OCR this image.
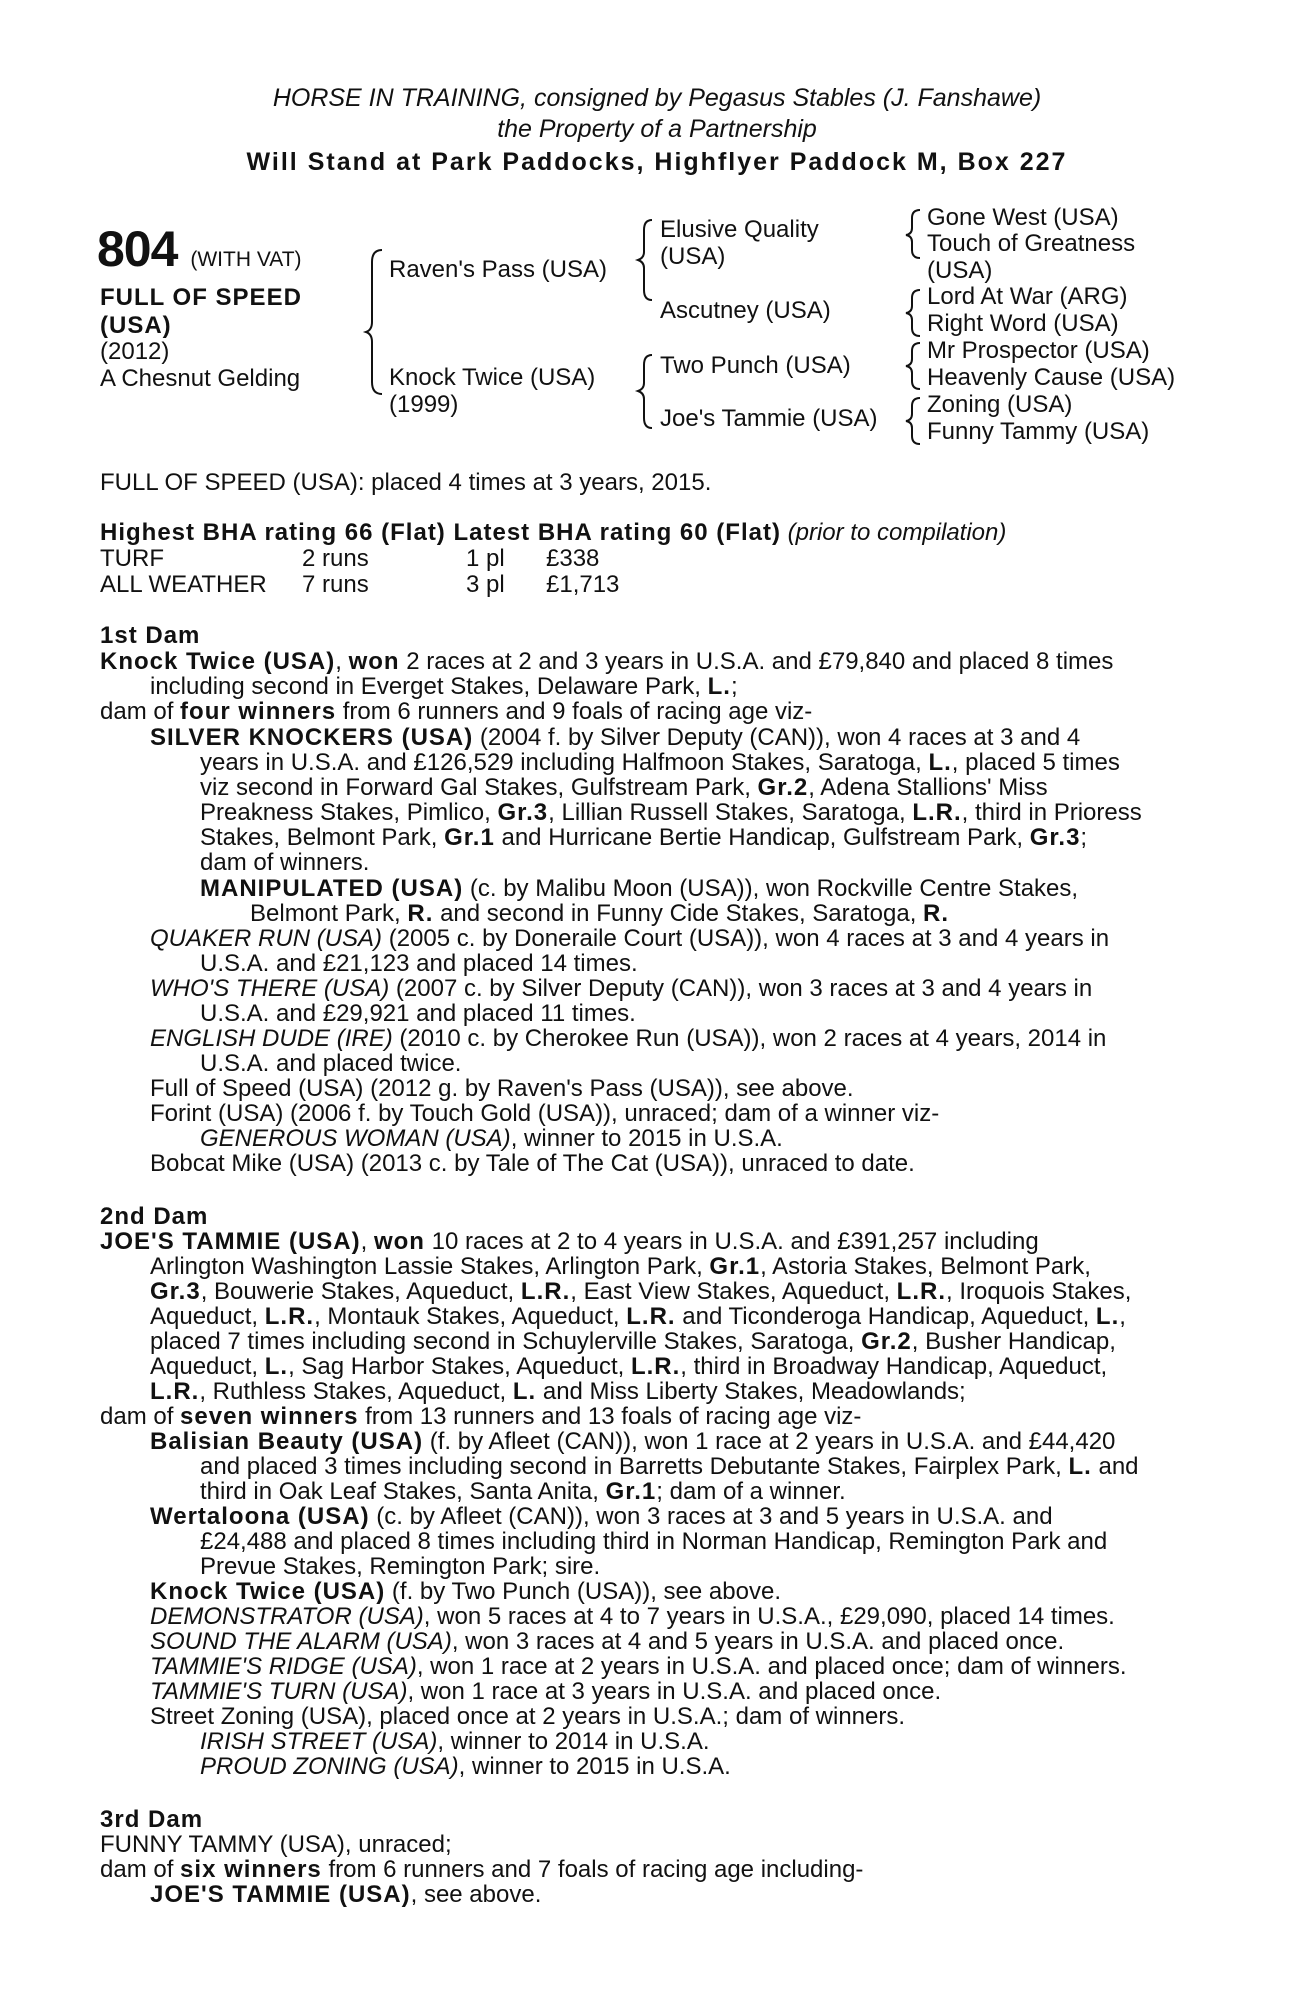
HORSE IN TRAINING, consigned by Pegasus Stables (J. Fanshawe)
the Property of a Partnership
Will Stand at Park Paddocks, Highflyer Paddock M, Box 227
804 (WITH VAT)
FULL OF SPEED
(USA)
(2012)
A Chesnut Gelding
Raven's Pass (USA)
Knock Twice (USA)
(1999)
Elusive Quality
(USA)
Ascutney (USA)
Two Punch (USA)
Joe's Tammie (USA)
Gone West (USA)
Touch of Greatness
(USA)
Lord At War (ARG)
Right Word (USA)
Mr Prospector (USA)
Heavenly Cause (USA)
Zoning (USA)
Funny Tammy (USA)
FULL OF SPEED (USA): placed 4 times at 3 years, 2015.
Highest BHA rating 66 (Flat) Latest BHA rating 60 (Flat) (prior to compilation)
TURF	2 runs	1 pl £338
ALL WEATHER 7 runs	3 pl £1,713
1st Dam
Knock Twice (USA), won 2 races at 2 and 3 years in U.S.A. and £79,840 and placed 8 times
including second in Everget Stakes, Delaware Park, L.;
dam of four winners from 6 runners and 9 foals of racing age viz-
SILVER KNOCKERS (USA) (2004 f. by Silver Deputy (CAN)), won 4 races at 3 and 4
years in U.S.A. and £126,529 including Halfmoon Stakes, Saratoga, L., placed 5 times
viz second in Forward Gal Stakes, Gulfstream Park, Gr.2, Adena Stallions' Miss
Preakness Stakes, Pimlico, Gr.3, Lillian Russell Stakes, Saratoga, L.R., third in Prioress
Stakes, Belmont Park, Gr.1 and Hurricane Bertie Handicap, Gulfstream Park, Gr.3;
dam of winners.
MANIPULATED (USA) (c. by Malibu Moon (USA)), won Rockville Centre Stakes,
Belmont Park, R. and second in Funny Cide Stakes, Saratoga, R.
QUAKER RUN (USA) (2005 c. by Doneraile Court (USA)), won 4 races at 3 and 4 years in
U.S.A. and £21,123 and placed 14 times.
WHO'S THERE (USA) (2007 c. by Silver Deputy (CAN)), won 3 races at 3 and 4 years in
U.S.A. and £29,921 and placed 11 times.
ENGLISH DUDE (IRE) (2010 c. by Cherokee Run (USA)), won 2 races at 4 years, 2014 in
U.S.A. and placed twice.
Full of Speed (USA) (2012 g. by Raven's Pass (USA)), see above.
Forint (USA) (2006 f. by Touch Gold (USA)), unraced; dam of a winner viz-
GENEROUS WOMAN (USA), winner to 2015 in U.S.A.
Bobcat Mike (USA) (2013 c. by Tale of The Cat (USA)), unraced to date.
2nd Dam
JOE'S TAMMIE (USA), won 10 races at 2 to 4 years in U.S.A. and £391,257 including
Arlington Washington Lassie Stakes, Arlington Park, Gr.1, Astoria Stakes, Belmont Park,
Gr.3, Bouwerie Stakes, Aqueduct, L.R., East View Stakes, Aqueduct, L.R., Iroquois Stakes,
Aqueduct, L.R., Montauk Stakes, Aqueduct, L.R. and Ticonderoga Handicap, Aqueduct, L.,
placed 7 times including second in Schuylerville Stakes, Saratoga, Gr.2, Busher Handicap,
Aqueduct, L., Sag Harbor Stakes, Aqueduct, L.R., third in Broadway Handicap, Aqueduct,
L.R., Ruthless Stakes, Aqueduct, L. and Miss Liberty Stakes, Meadowlands;
dam of seven winners from 13 runners and 13 foals of racing age viz-
Balisian Beauty (USA) (f. by Afleet (CAN)), won 1 race at 2 years in U.S.A. and £44,420
and placed 3 times including second in Barretts Debutante Stakes, Fairplex Park, L. and
third in Oak Leaf Stakes, Santa Anita, Gr.1; dam of a winner.
Wertaloona (USA) (c. by Afleet (CAN)), won 3 races at 3 and 5 years in U.S.A. and
£24,488 and placed 8 times including third in Norman Handicap, Remington Park and
Prevue Stakes, Remington Park; sire.
Knock Twice (USA) (f. by Two Punch (USA)), see above.
DEMONSTRATOR (USA), won 5 races at 4 to 7 years in U.S.A., £29,090, placed 14 times.
SOUND THE ALARM (USA), won 3 races at 4 and 5 years in U.S.A. and placed once.
TAMMIE'S RIDGE (USA), won 1 race at 2 years in U.S.A. and placed once; dam of winners.
TAMMIE'S TURN (USA), won 1 race at 3 years in U.S.A. and placed once.
Street Zoning (USA), placed once at 2 years in U.S.A.; dam of winners.
IRISH STREET (USA), winner to 2014 in U.S.A.
PROUD ZONING (USA), winner to 2015 in U.S.A.
3rd Dam
FUNNY TAMMY (USA), unraced;
dam of six winners from 6 runners and 7 foals of racing age including-
JOE'S TAMMIE (USA), see above.
